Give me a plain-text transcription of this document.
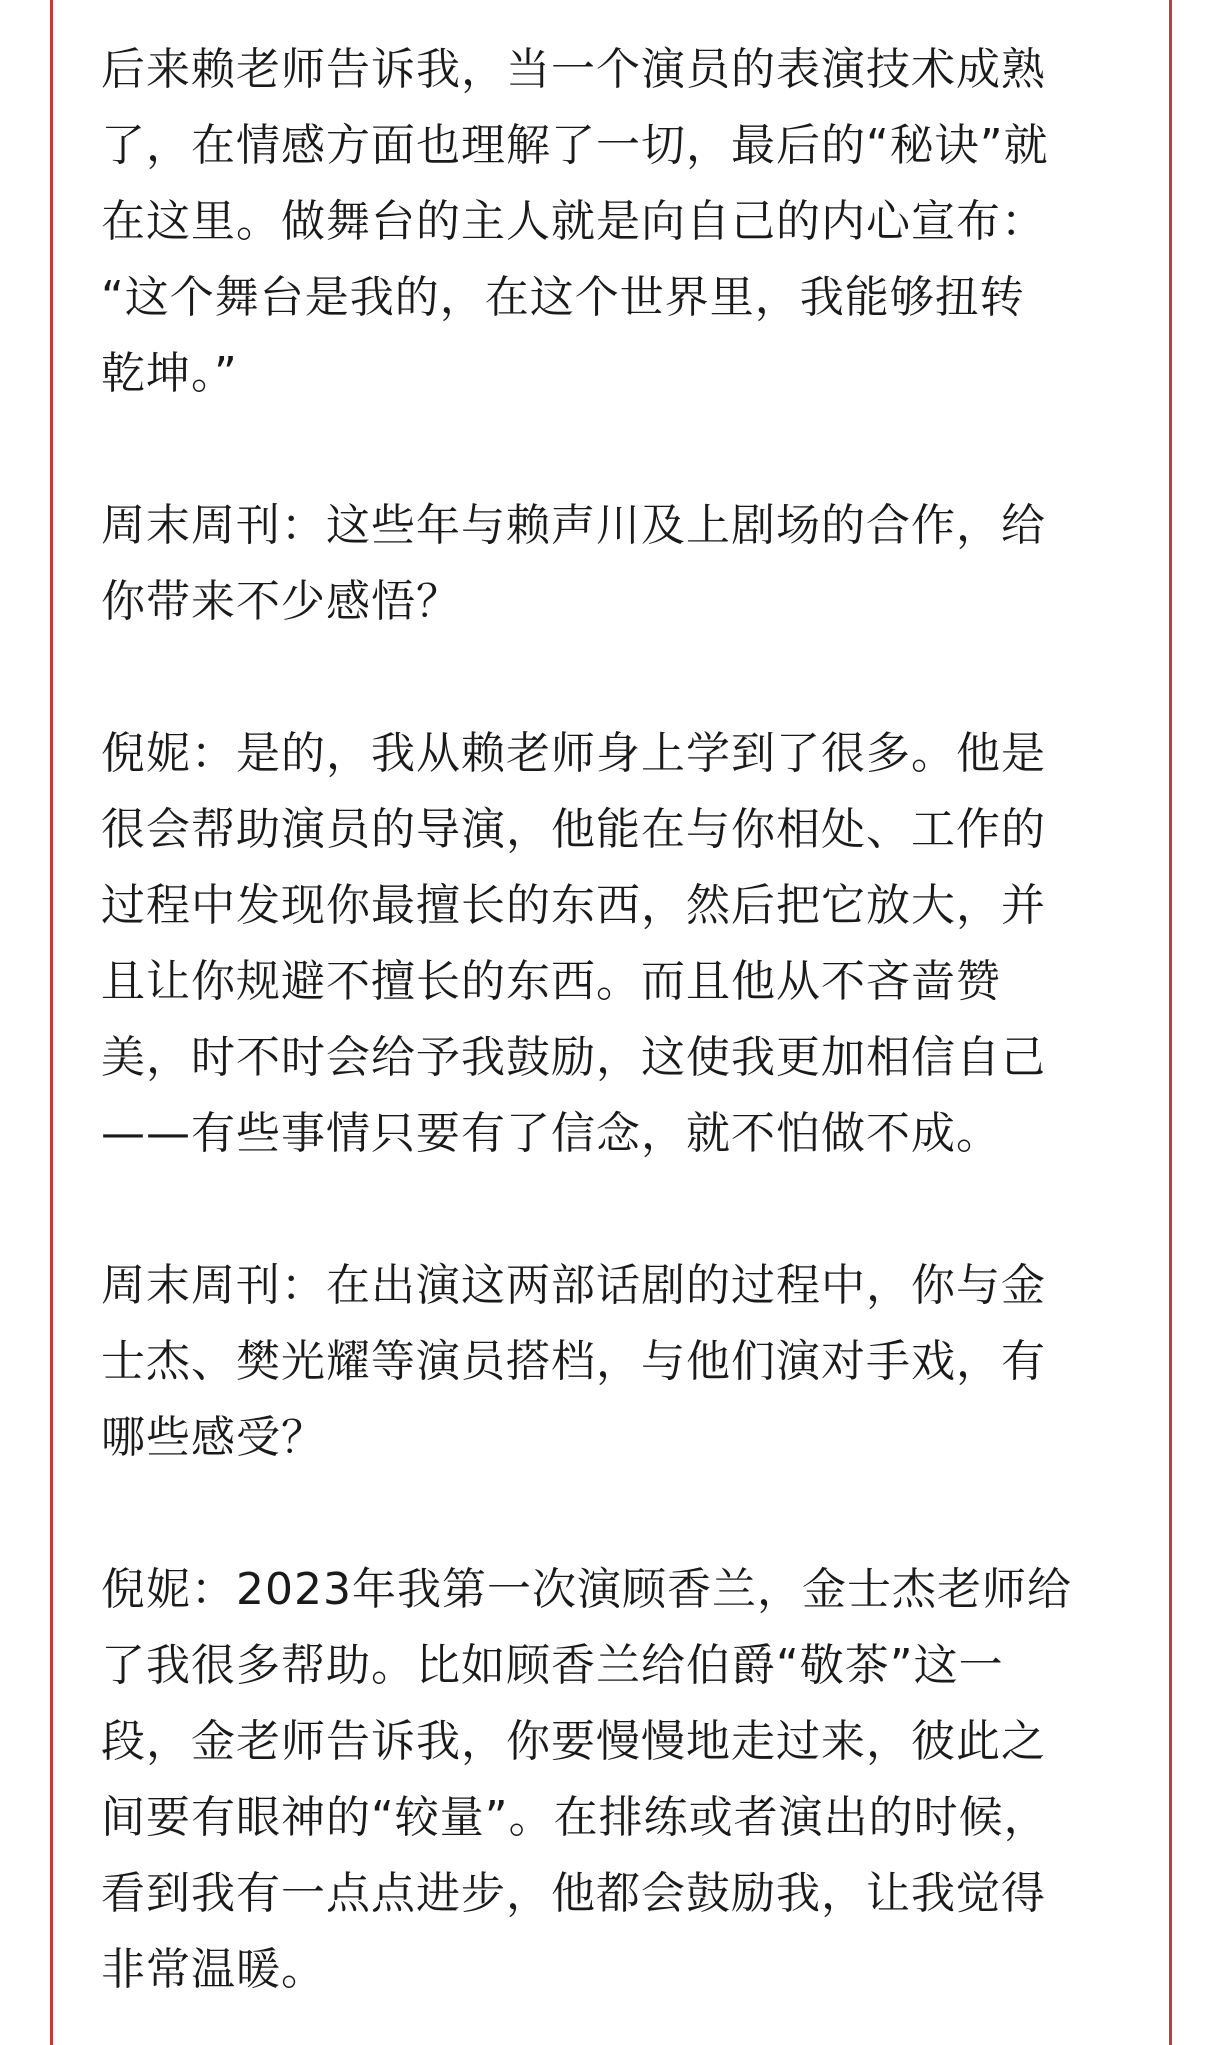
后来赖老师告诉我，当一个演员的表演技术成熟
了，在情感方面也理解了一切，最后的“秘诀”就
在这里。做舞台的主人就是向自己的内心宣布：
“这个舞台是我的，在这个世界里，我能够扭转
乾坤。”
周末周刊：这些年与赖声川及上剧场的合作，给
你带来不少感悟？
倪妮：是的，我从赖老师身上学到了很多。他是
很会帮助演员的导演，他能在与你相处、工作的
过程中发现你最擅长的东西，然后把它放大，并
且让你规避不擅长的东西。而且他从不吝啬赞
美，时不时会给予我鼓励，这使我更加相信自己
——有些事情只要有了信念，就不怕做不成。
周末周刊：在出演这两部话剧的过程中，你与金
士杰、樊光耀等演员搭档，与他们演对手戏，有
哪些感受？
倪妮：2023年我第一次演顾香兰，金士杰老师给
了我很多帮助。比如顾香兰给伯爵“敬茶”这一
段，金老师告诉我，你要慢慢地走过来，彼此之
间要有眼神的“较量”。在排练或者演出的时候，
看到我有一点点进步，他都会鼓励我，让我觉得
非常温暖。
